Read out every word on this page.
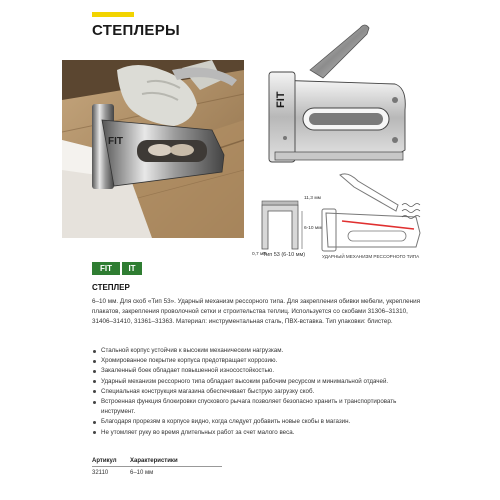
СТЕПЛЕРЫ
FIT
FIT
11,3 мм
6-10 мм
0,7 мм
Тип 53 (6-10 мм)	УДАРНЫЙ МЕХАНИЗМ РЕССОРНОГО ТИПА
FIT IT
СТЕПЛЕР
6–10 мм. Для скоб «Тип 53». Ударный механизм рессорного типа. Для закрепления обивки мебели, укрепления плакатов, закрепления проволочной сетки и строительства теплиц. Используется со скобами 31306–31310, 31406–31410, 31361–31363. Материал: инструментальная сталь, ПВХ-вставка. Тип упаковки: блистер.
Стальной корпус устойчив к высоким механическим нагрузкам.
Хромированное покрытие корпуса предотвращает коррозию.
Закаленный боек обладает повышенной износостойкостью.
Ударный механизм рессорного типа обладает высоким рабочим ресурсом и минимальной отдачей.
Специальная конструкция магазина обеспечивает быструю загрузку скоб.
Встроенная функция блокировки спускового рычага позволяет безопасно хранить и транспортировать инструмент.
Благодаря прорезям в корпусе видно, когда следует добавить новые скобы в магазин.
Не утомляет руку во время длительных работ за счет малого веса.
Артикул	Характеристики
32110	6–10 мм
